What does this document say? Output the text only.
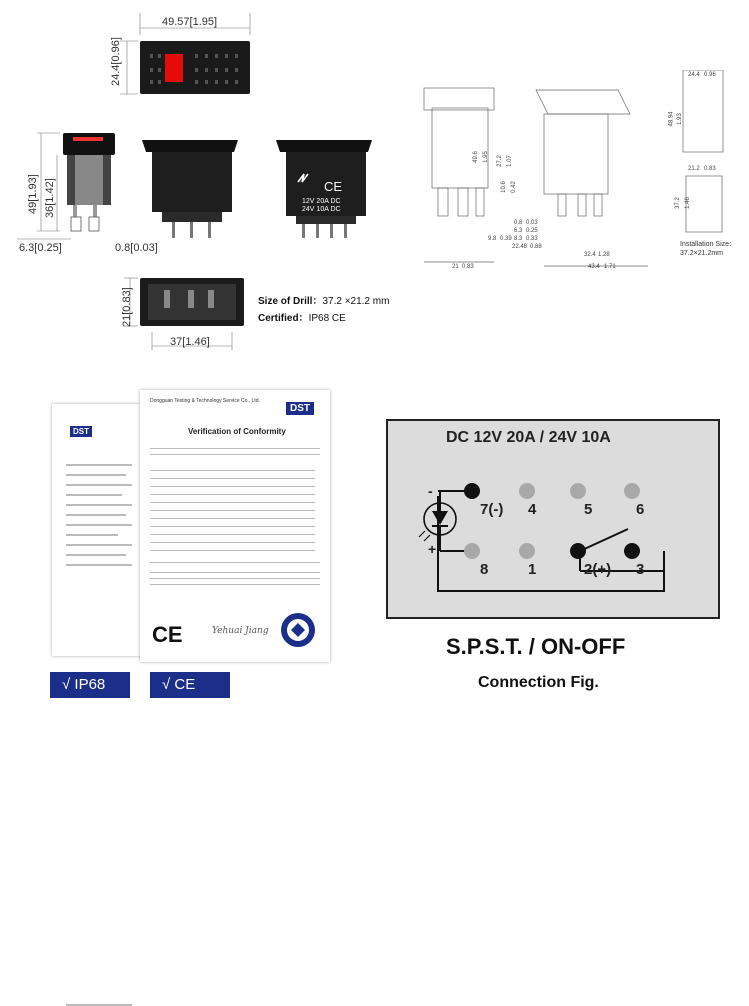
49.57[1.95]
24.4[0.96]
49[1.93]
36[1.42]
6.3[0.25]	0.8[0.03]
CE
12V 20A DC
24V 10A DC
21[0.83]
37[1.46]
Size of Drill：37.2 ×21.2 mm
Certified：IP68 CE
Installation Size：
37.2×21.2mm
49.6 1.95 27.2 1.07
10.6 0.42
0.8 0.03
6.3 0.25
8.3 0.33
9.8 0.39
22.48 0.88
32.4 1.28
21 0.83	43.4 1.71
24.4 0.96
48.94 1.93
21.2 0.83
37.2 1.46
DST
Dongguan Testing & Technology Service Co., Ltd.
DST
Verification of Conformity
CE	Yehuai Jiang
√ IP68	√ CE
DC 12V 20A / 24V 10A
-
+
7(-) 4	5	6
8	1	2(+) 3
S.P.S.T. / ON-OFF
Connection Fig.
